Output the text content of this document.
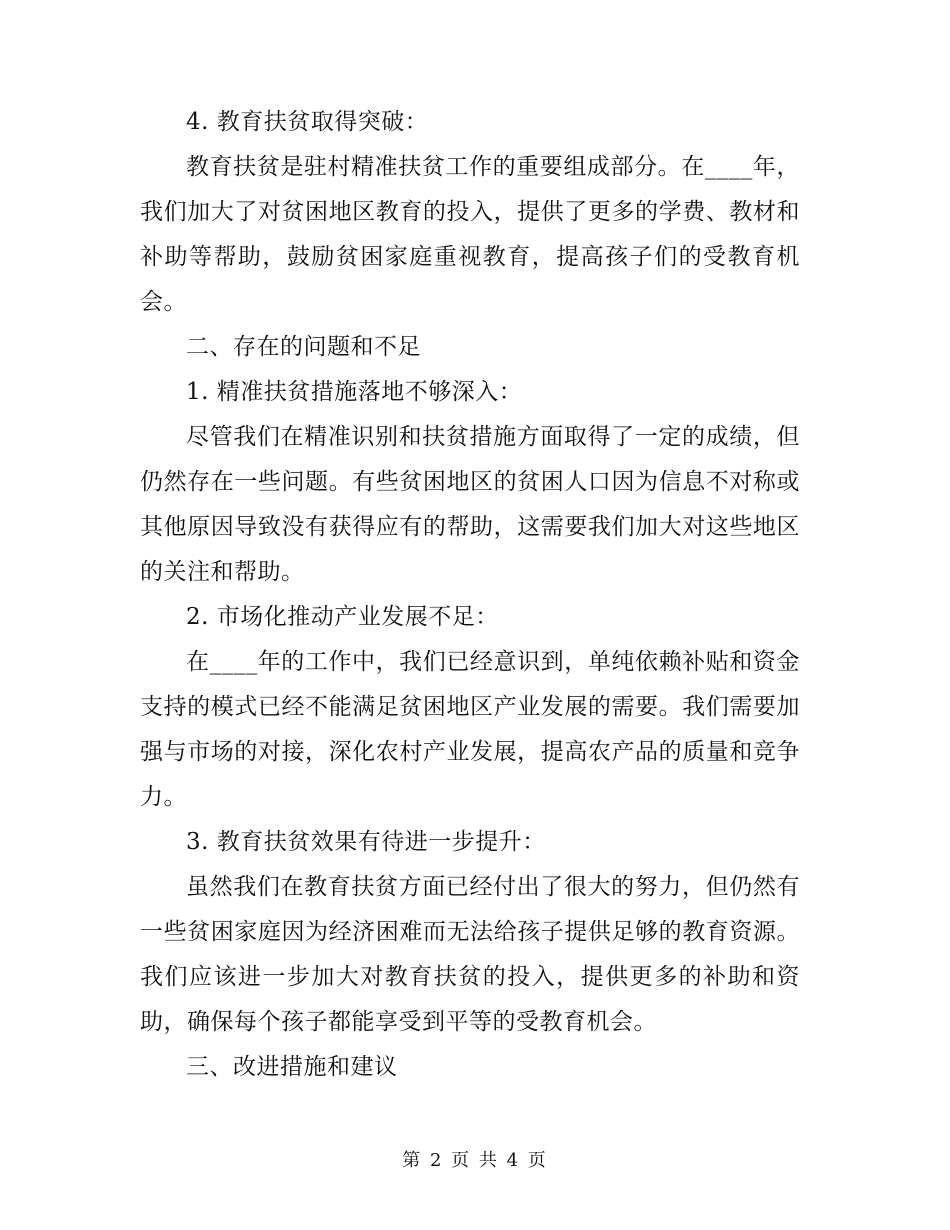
4. 教育扶贫取得突破：

教育扶贫是驻村精准扶贫工作的重要组成部分。在____年，我们加大了对贫困地区教育的投入，提供了更多的学费、教材和补助等帮助，鼓励贫困家庭重视教育，提高孩子们的受教育机会。

二、存在的问题和不足

1. 精准扶贫措施落地不够深入：

尽管我们在精准识别和扶贫措施方面取得了一定的成绩，但仍然存在一些问题。有些贫困地区的贫困人口因为信息不对称或其他原因导致没有获得应有的帮助，这需要我们加大对这些地区的关注和帮助。

2. 市场化推动产业发展不足：

在____年的工作中，我们已经意识到，单纯依赖补贴和资金支持的模式已经不能满足贫困地区产业发展的需要。我们需要加强与市场的对接，深化农村产业发展，提高农产品的质量和竞争力。

3. 教育扶贫效果有待进一步提升：

虽然我们在教育扶贫方面已经付出了很大的努力，但仍然有一些贫困家庭因为经济困难而无法给孩子提供足够的教育资源。我们应该进一步加大对教育扶贫的投入，提供更多的补助和资助，确保每个孩子都能享受到平等的受教育机会。

三、改进措施和建议

第 2 页 共 4 页
